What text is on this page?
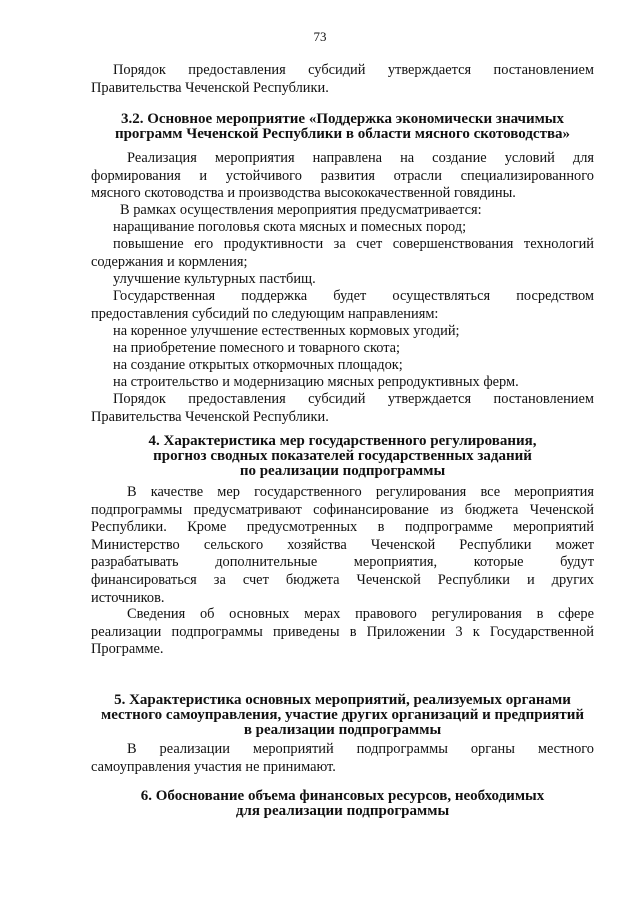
73

Порядок предоставления субсидий утверждается постановлением
Правительства Чеченской Республики.

3.2. Основное мероприятие «Поддержка экономически значимых
программ Чеченской Республики в области мясного скотоводства»

Реализация мероприятия направлена на создание условий для
формирования и устойчивого развития отрасли специализированного
мясного скотоводства и производства высококачественной говядины.

В рамках осуществления мероприятия предусматривается:

наращивание поголовья скота мясных и помесных пород;

повышение его продуктивности за счет совершенствования технологий
содержания и кормления;

улучшение культурных пастбищ.

Государственная поддержка будет осуществляться посредством
предоставления субсидий по следующим направлениям:

на коренное улучшение естественных кормовых угодий;

на приобретение помесного и товарного скота;

на создание открытых откормочных площадок;

на строительство и модернизацию мясных репродуктивных ферм.

Порядок предоставления субсидий утверждается постановлением
Правительства Чеченской Республики.

4. Характеристика мер государственного регулирования,
прогноз сводных показателей государственных заданий
по реализации подпрограммы

В качестве мер государственного регулирования все мероприятия
подпрограммы предусматривают софинансирование из бюджета Чеченской
Республики. Кроме предусмотренных в подпрограмме мероприятий
Министерство сельского хозяйства Чеченской Республики может
разрабатывать дополнительные мероприятия, которые будут
финансироваться за счет бюджета Чеченской Республики и других
источников.

Сведения об основных мерах правового регулирования в сфере
реализации подпрограммы приведены в Приложении 3 к Государственной
Программе.

5. Характеристика основных мероприятий, реализуемых органами
местного самоуправления, участие других организаций и предприятий
в реализации подпрограммы

В реализации мероприятий подпрограммы органы местного
самоуправления участия не принимают.

6. Обоснование объема финансовых ресурсов, необходимых
для реализации подпрограммы
